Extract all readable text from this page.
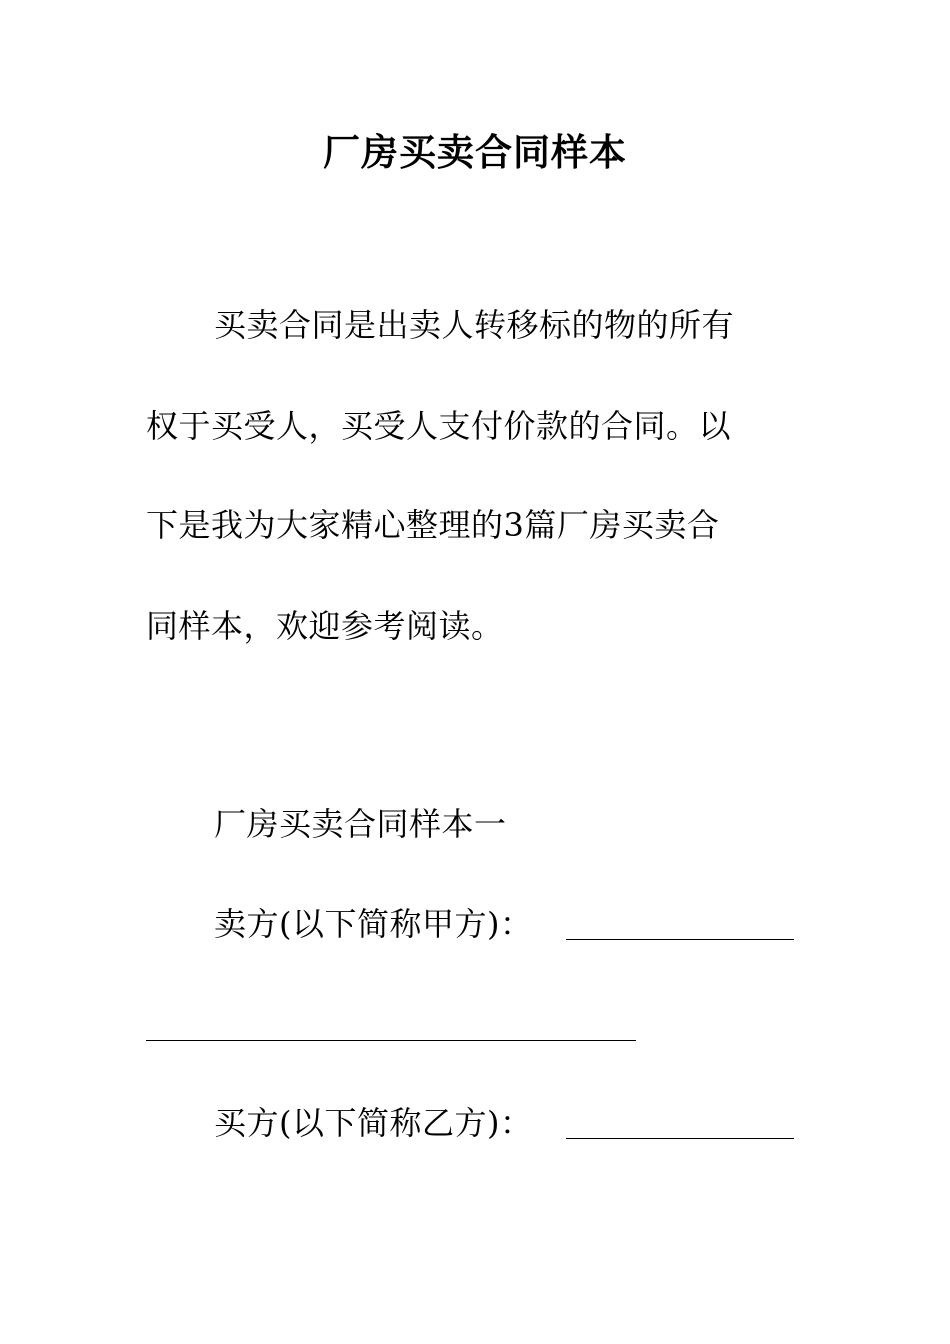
厂房买卖合同样本
买卖合同是出卖人转移标的物的所有
权于买受人，买受人支付价款的合同。以
下是我为大家精心整理的3篇厂房买卖合
同样本，欢迎参考阅读。
厂房买卖合同样本一
卖方(以下简称甲方)：
买方(以下简称乙方)：
